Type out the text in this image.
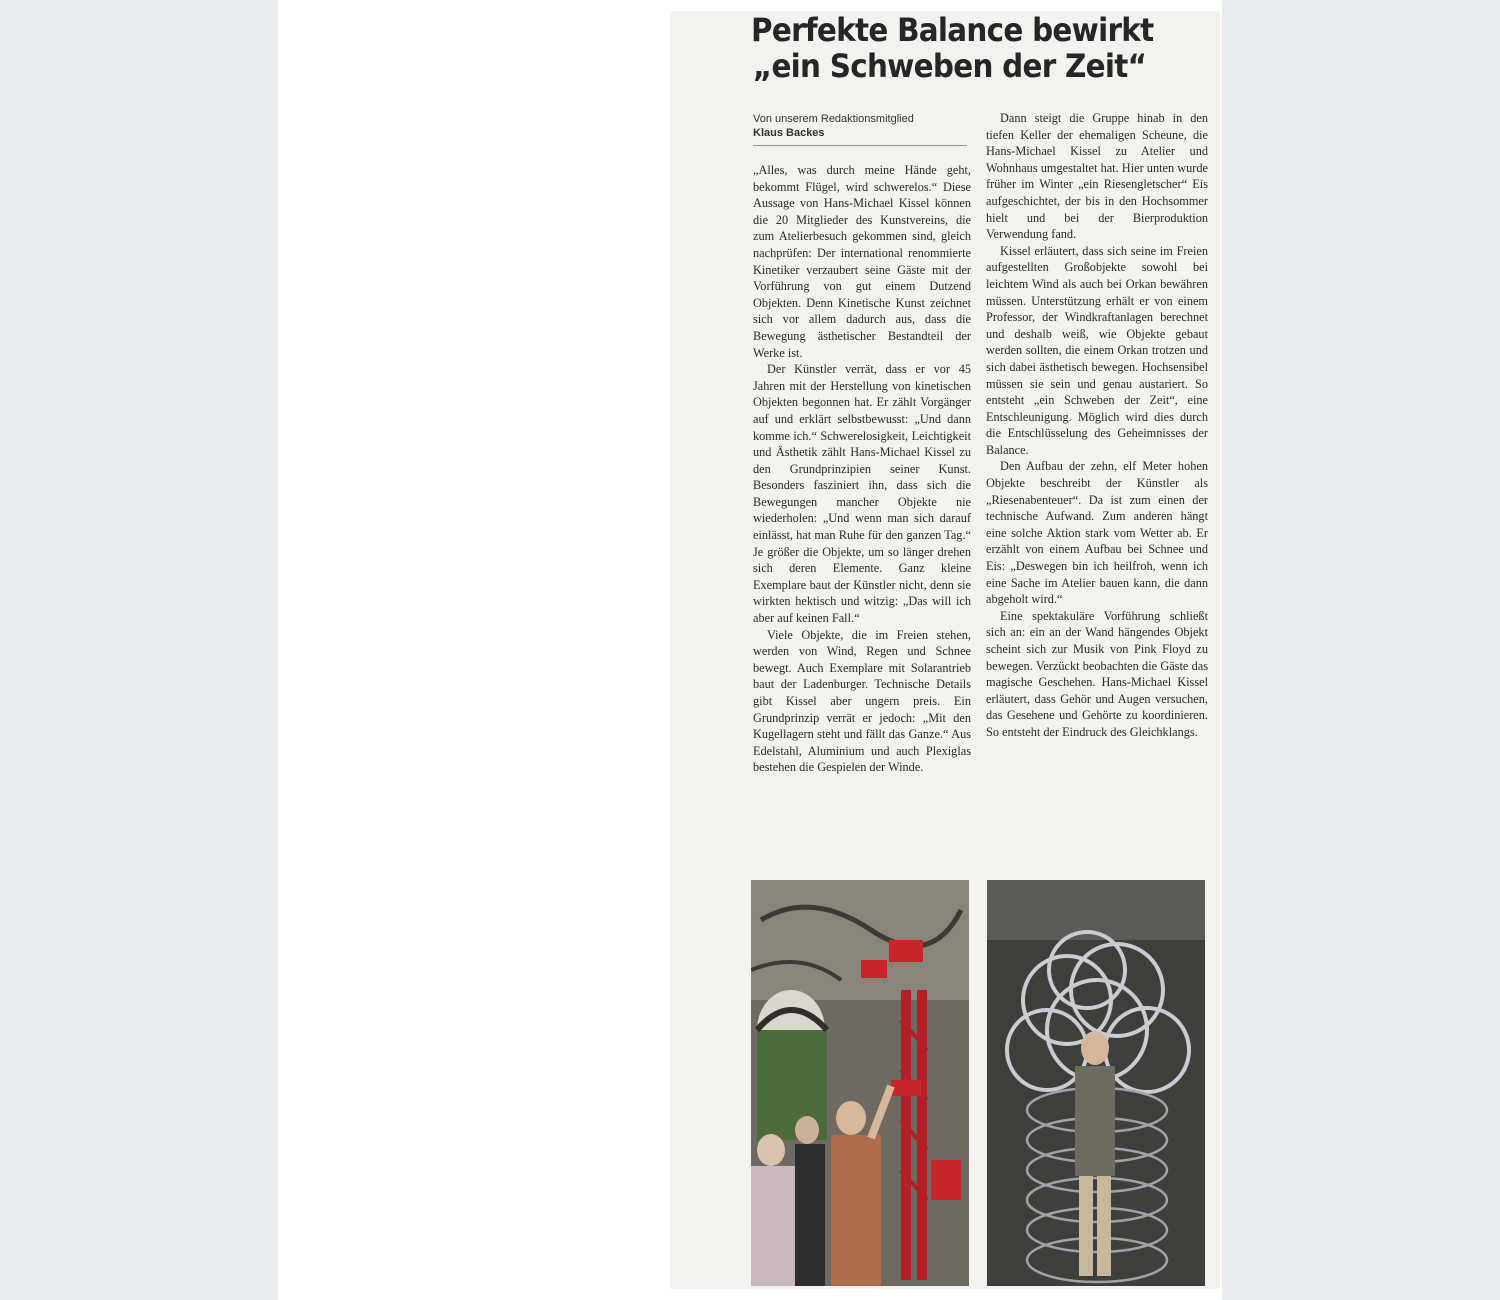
Perfekte Balance bewirkt
„ein Schweben der Zeit“
Von unserem Redaktionsmitglied
Klaus Backes

„Alles, was durch meine Hände geht, bekommt Flügel, wird schwerelos.“ Diese Aussage von Hans-Michael Kissel können die 20 Mitglieder des Kunstvereins, die zum Atelierbesuch gekommen sind, gleich nachprüfen: Der international renommierte Kinetiker verzaubert seine Gäste mit der Vorführung von gut einem Dutzend Objekten. Denn Kinetische Kunst zeichnet sich vor allem dadurch aus, dass die Bewegung ästhetischer Bestandteil der Werke ist.

Der Künstler verrät, dass er vor 45 Jahren mit der Herstellung von kinetischen Objekten begonnen hat. Er zählt Vorgänger auf und erklärt selbstbewusst: „Und dann komme ich.“ Schwerelosigkeit, Leichtigkeit und Ästhetik zählt Hans-Michael Kissel zu den Grundprinzipien seiner Kunst. Besonders fasziniert ihn, dass sich die Bewegungen mancher Objekte nie wiederholen: „Und wenn man sich darauf einlässt, hat man Ruhe für den ganzen Tag.“ Je größer die Objekte, um so länger drehen sich deren Elemente. Ganz kleine Exemplare baut der Künstler nicht, denn sie wirkten hektisch und witzig: „Das will ich aber auf keinen Fall.“

Viele Objekte, die im Freien stehen, werden von Wind, Regen und Schnee bewegt. Auch Exemplare mit Solarantrieb baut der Ladenburger. Technische Details gibt Kissel aber ungern preis. Ein Grundprinzip verrät er jedoch: „Mit den Kugellagern steht und fällt das Ganze.“ Aus Edelstahl, Aluminium und auch Plexiglas bestehen die Gespielen der Winde.

Dann steigt die Gruppe hinab in den tiefen Keller der ehemaligen Scheune, die Hans-Michael Kissel zu Atelier und Wohnhaus umgestaltet hat. Hier unten wurde früher im Winter „ein Riesengletscher“ Eis aufgeschichtet, der bis in den Hochsommer hielt und bei der Bierproduktion Verwendung fand.

Kissel erläutert, dass sich seine im Freien aufgestellten Großobjekte sowohl bei leichtem Wind als auch bei Orkan bewähren müssen. Unterstützung erhält er von einem Professor, der Windkraftanlagen berechnet und deshalb weiß, wie Objekte gebaut werden sollten, die einem Orkan trotzen und sich dabei ästhetisch bewegen. Hochsensibel müssen sie sein und genau austariert. So entsteht „ein Schweben der Zeit“, eine Entschleunigung. Möglich wird dies durch die Entschlüsselung des Geheimnisses der Balance.

Den Aufbau der zehn, elf Meter hohen Objekte beschreibt der Künstler als „Riesenabenteuer“. Da ist zum einen der technische Aufwand. Zum anderen hängt eine solche Aktion stark vom Wetter ab. Er erzählt von einem Aufbau bei Schnee und Eis: „Deswegen bin ich heilfroh, wenn ich eine Sache im Atelier bauen kann, die dann abgeholt wird.“

Eine spektakuläre Vorführung schließt sich an: ein an der Wand hängendes Objekt scheint sich zur Musik von Pink Floyd zu bewegen. Verzückt beobachten die Gäste das magische Geschehen. Hans-Michael Kissel erläutert, dass Gehör und Augen versuchen, das Gesehene und Gehörte zu koordinieren. So entsteht der Eindruck des Gleichklangs.
